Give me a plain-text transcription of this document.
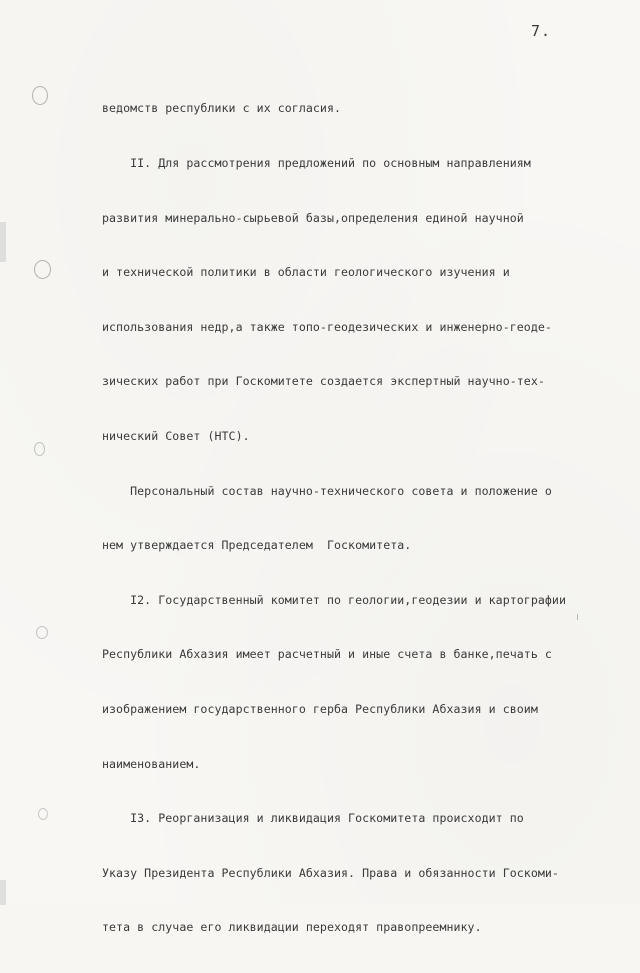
7.

ведомств республики с их согласия.

II. Для рассмотрения предложений по основным направлениям

развития минерально-сырьевой базы,определения единой научной

и технической политики в области геологического изучения и

использования недр,а также топо-геодезических и инженерно-геоде-

зических работ при Госкомитете создается экспертный научно-тех-

нический Совет (НТС).

Персональный состав научно-технического совета и положение о

нем утверждается Председателем  Госкомитета.

I2. Государственный комитет по геологии,геодезии и картографии

Республики Абхазия имеет расчетный и иные счета в банке,печать с

изображением государственного герба Республики Абхазия и своим

наименованием.

I3. Реорганизация и ликвидация Госкомитета происходит по

Указу Президента Республики Абхазия. Права и обязанности Госкоми-

тета в случае его ликвидации переходят правопреемнику.
